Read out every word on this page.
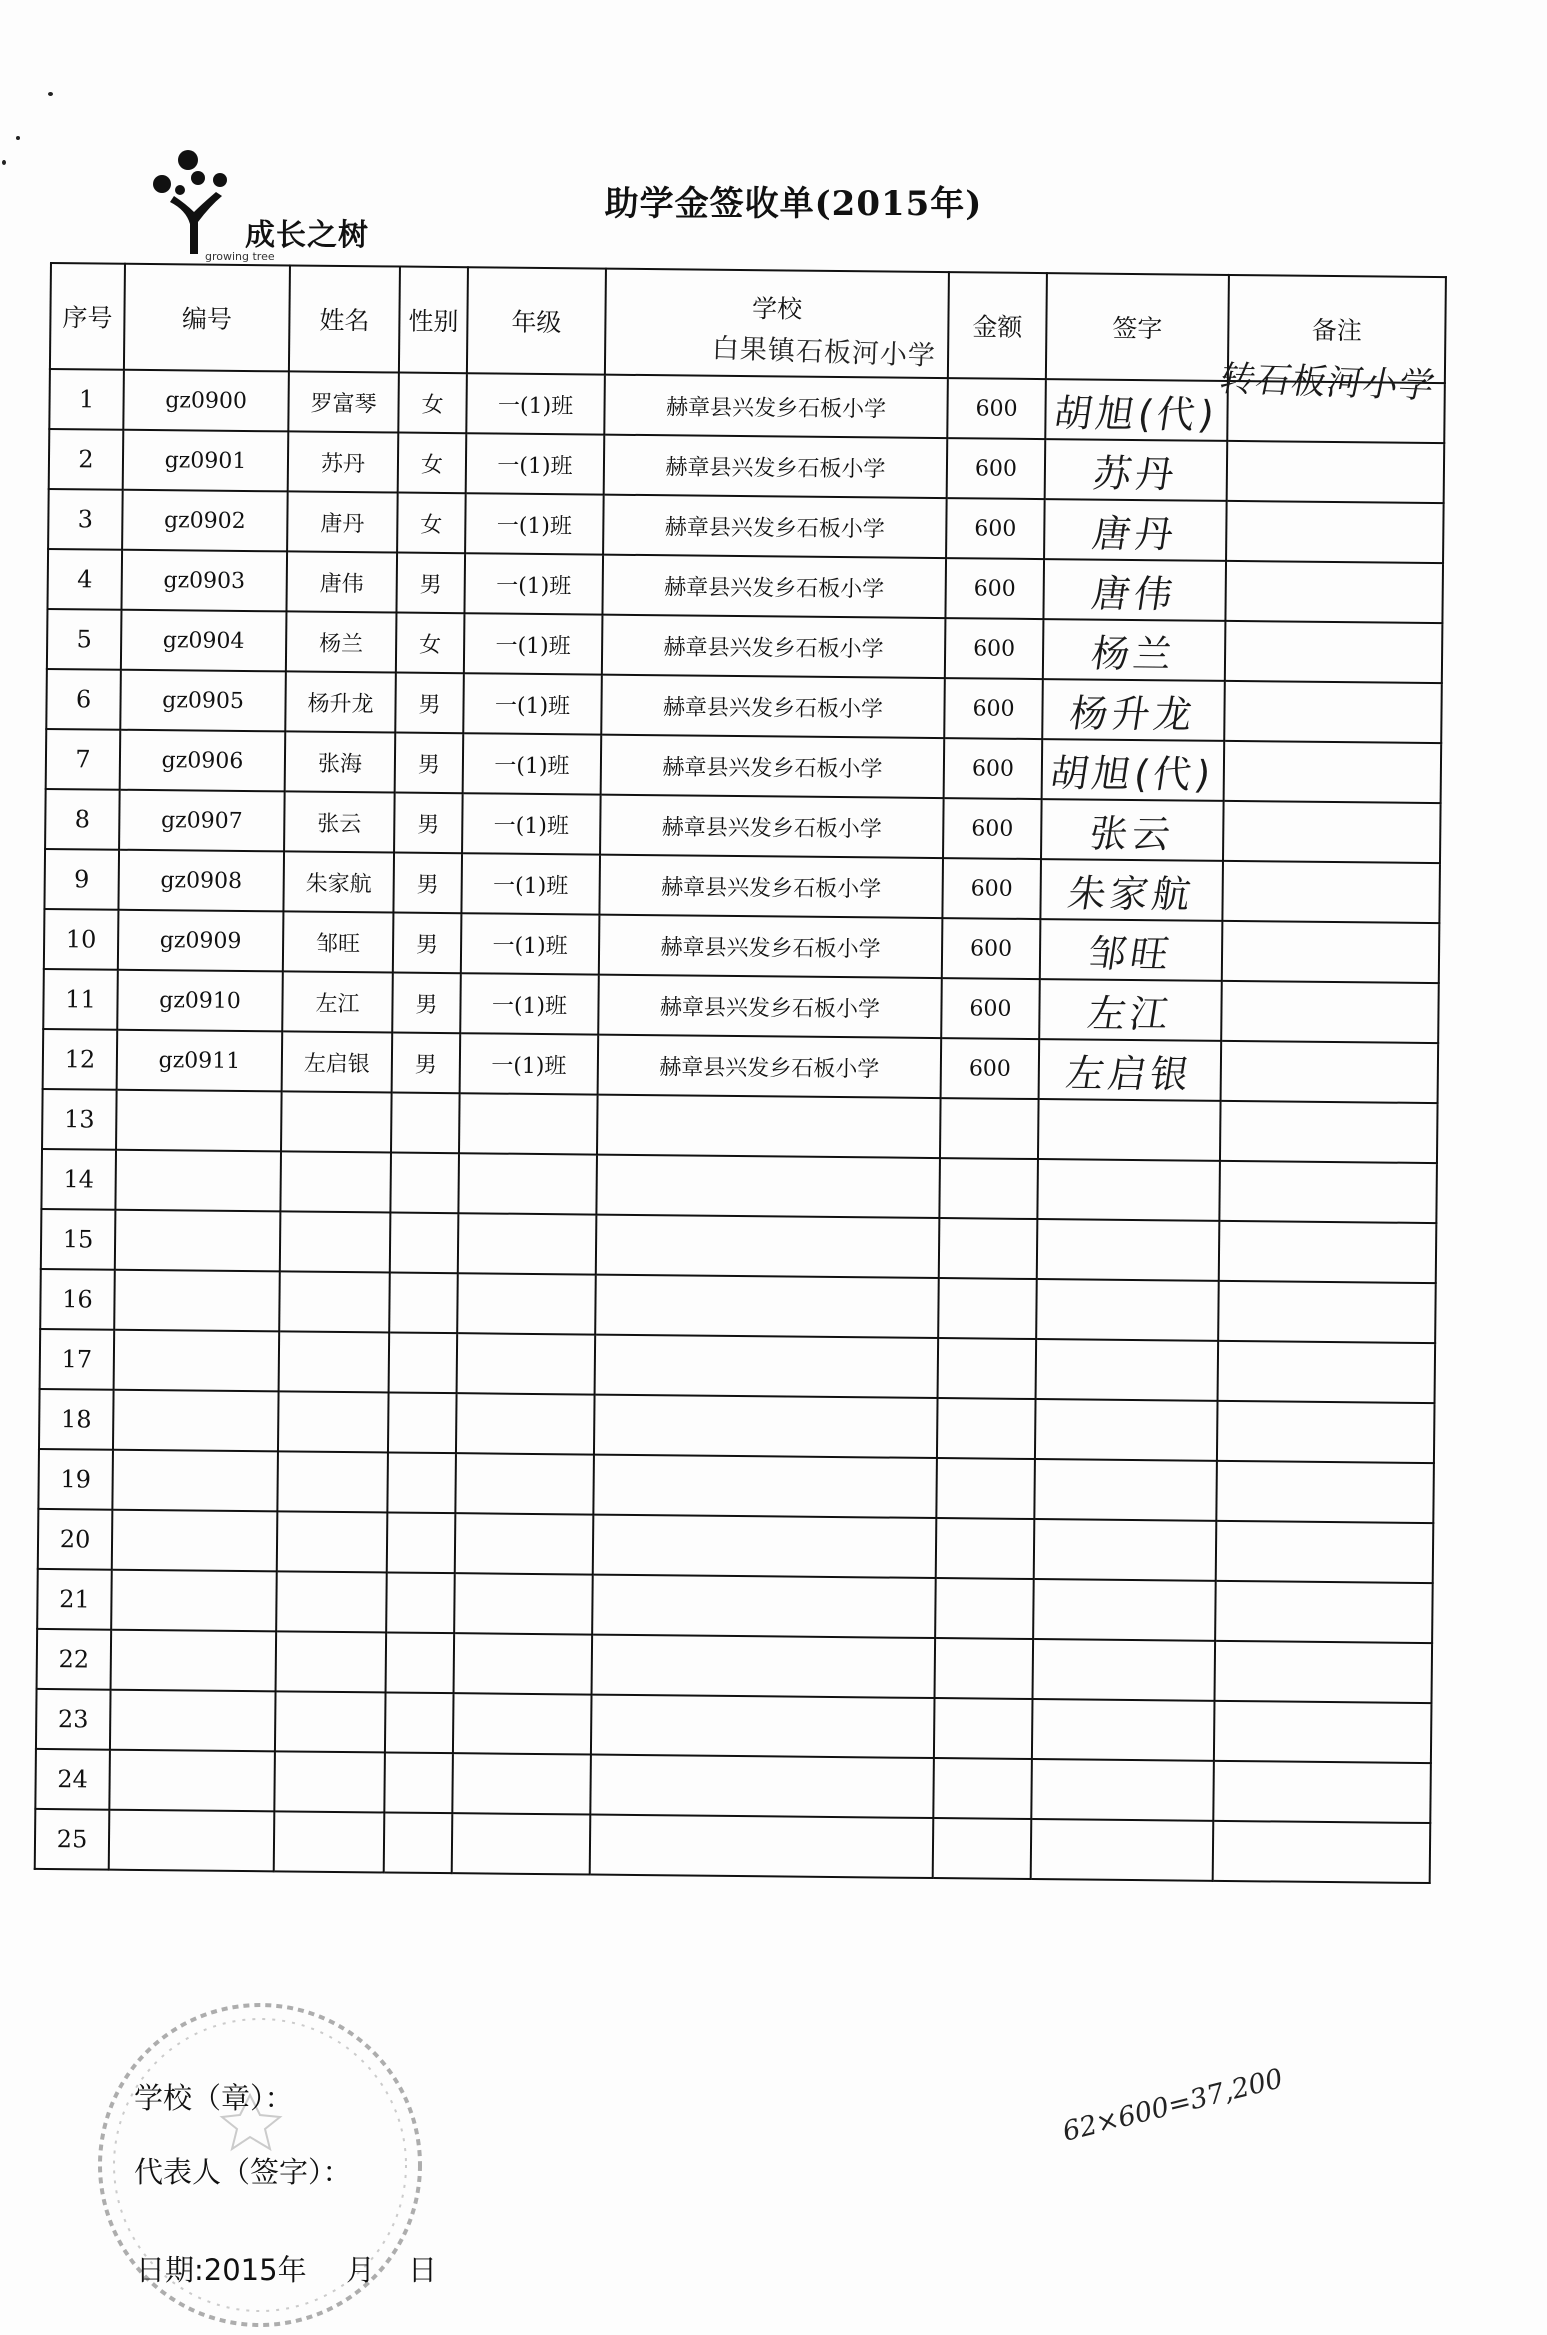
成长之树
growing tree
助学金签收单(2015年)
序号	编号	姓名	性别	年级	学校	金额	签字	备注
1	gz0900	罗富琴	女	一(1)班	赫章县兴发乡石板小学	600	胡旭(代)	
2	gz0901	苏丹	女	一(1)班	赫章县兴发乡石板小学	600	苏丹	
3	gz0902	唐丹	女	一(1)班	赫章县兴发乡石板小学	600	唐丹	
4	gz0903	唐伟	男	一(1)班	赫章县兴发乡石板小学	600	唐伟	
5	gz0904	杨兰	女	一(1)班	赫章县兴发乡石板小学	600	杨兰	
6	gz0905	杨升龙	男	一(1)班	赫章县兴发乡石板小学	600	杨升龙	
7	gz0906	张海	男	一(1)班	赫章县兴发乡石板小学	600	胡旭(代)	
8	gz0907	张云	男	一(1)班	赫章县兴发乡石板小学	600	张云	
9	gz0908	朱家航	男	一(1)班	赫章县兴发乡石板小学	600	朱家航	
10	gz0909	邹旺	男	一(1)班	赫章县兴发乡石板小学	600	邹旺	
11	gz0910	左江	男	一(1)班	赫章县兴发乡石板小学	600	左江	
12	gz0911	左启银	男	一(1)班	赫章县兴发乡石板小学	600	左启银	
13								
14								
15								
16								
17								
18								
19								
20								
21								
22								
23								
24								
25								
白果镇石板河小学
转石板河小学
62×600=37,200
学校（章）：
代表人（签字）：
日期:2015年 月 日
